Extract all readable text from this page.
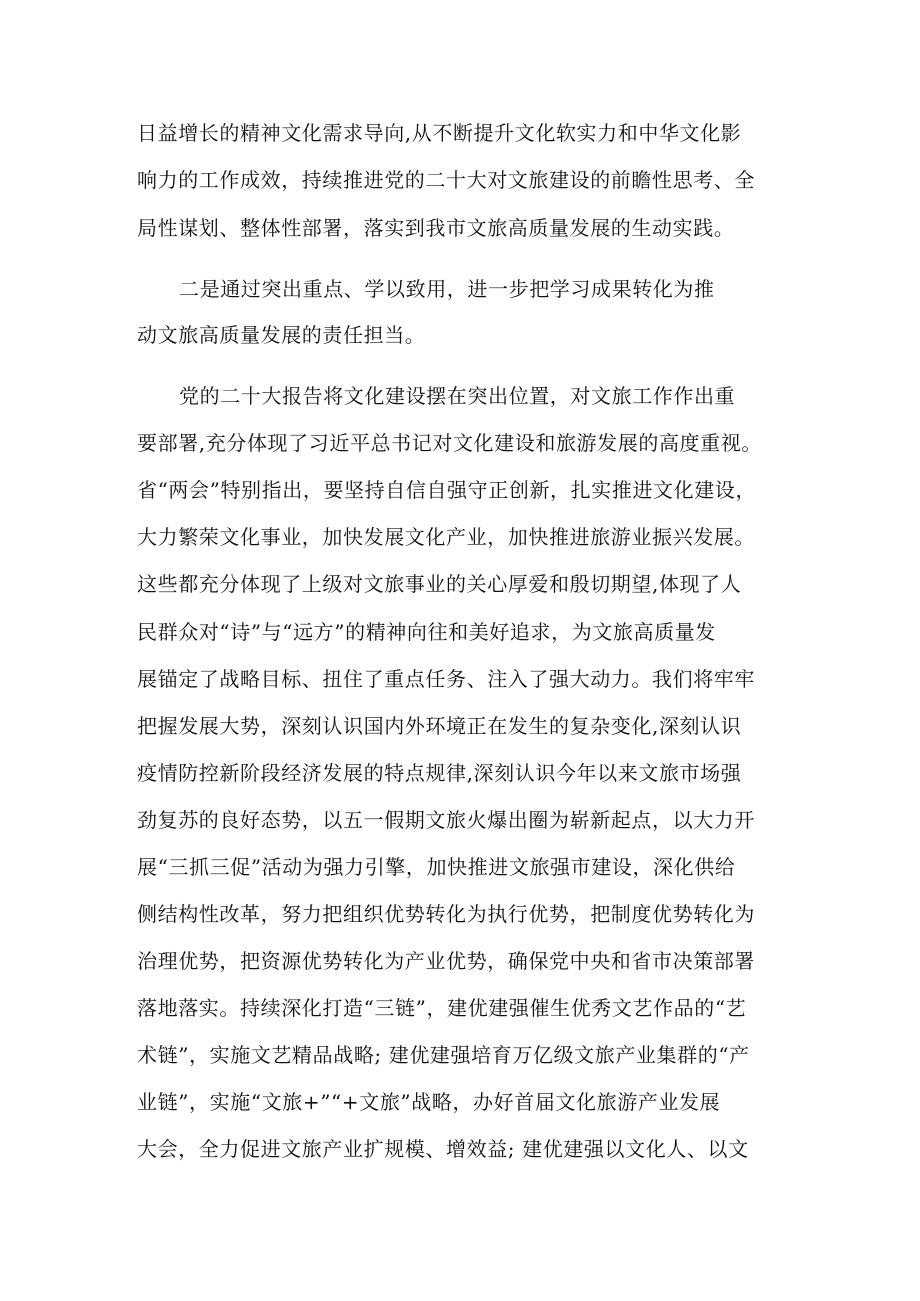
日益增长的精神文化需求导向,从不断提升文化软实力和中华文化影
响力的工作成效，持续推进党的二十大对文旅建设的前瞻性思考、全
局性谋划、整体性部署，落实到我市文旅高质量发展的生动实践。
二是通过突出重点、学以致用，进一步把学习成果转化为推
动文旅高质量发展的责任担当。
党的二十大报告将文化建设摆在突出位置，对文旅工作作出重
要部署,充分体现了习近平总书记对文化建设和旅游发展的高度重视。
省“两会”特别指出，要坚持自信自强守正创新，扎实推进文化建设，
大力繁荣文化事业，加快发展文化产业，加快推进旅游业振兴发展。
这些都充分体现了上级对文旅事业的关心厚爱和殷切期望,体现了人
民群众对“诗”与“远方”的精神向往和美好追求，为文旅高质量发
展锚定了战略目标、扭住了重点任务、注入了强大动力。我们将牢牢
把握发展大势，深刻认识国内外环境正在发生的复杂变化,深刻认识
疫情防控新阶段经济发展的特点规律,深刻认识今年以来文旅市场强
劲复苏的良好态势，以五一假期文旅火爆出圈为崭新起点，以大力开
展“三抓三促”活动为强力引擎，加快推进文旅强市建设，深化供给
侧结构性改革，努力把组织优势转化为执行优势，把制度优势转化为
治理优势，把资源优势转化为产业优势，确保党中央和省市决策部署
落地落实。持续深化打造“三链”，建优建强催生优秀文艺作品的“艺
术链”，实施文艺精品战略; 建优建强培育万亿级文旅产业集群的“产
业链”，实施“文旅+”“+文旅”战略，办好首届文化旅游产业发展
大会，全力促进文旅产业扩规模、增效益; 建优建强以文化人、以文
